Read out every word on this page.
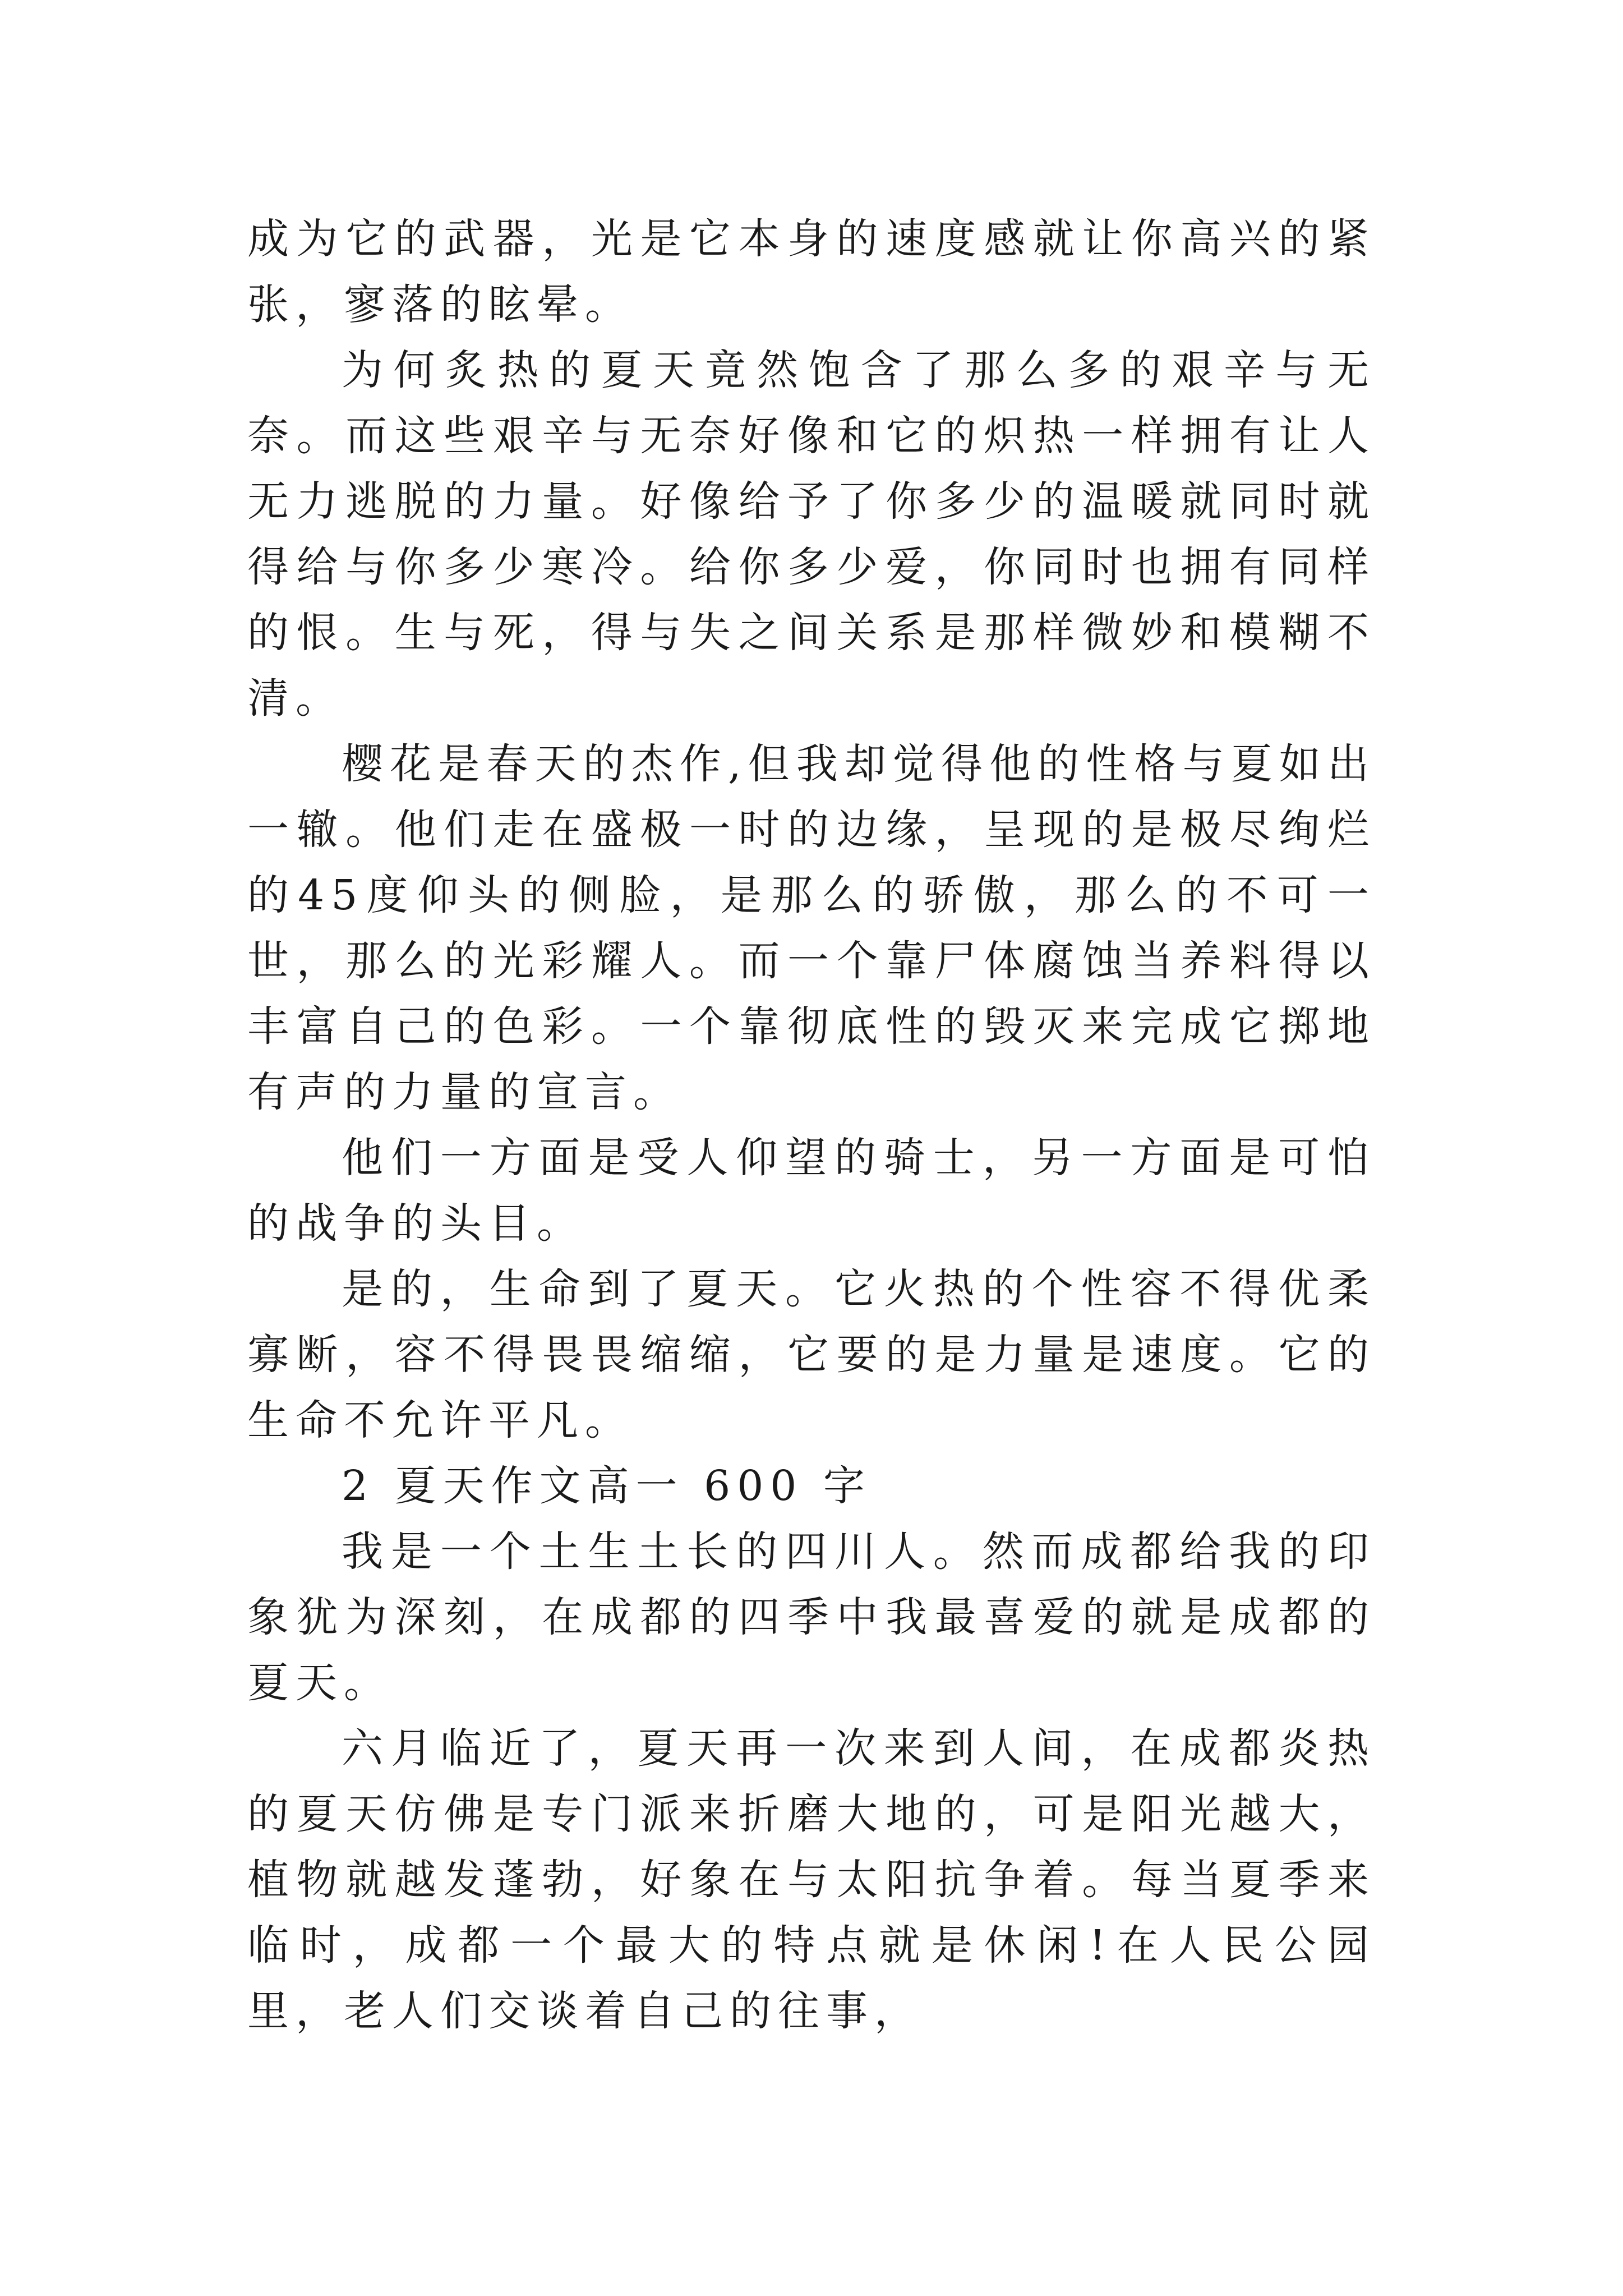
成为它的武器，光是它本身的速度感就让你高兴的紧张，寥落的眩晕。

为何炙热的夏天竟然饱含了那么多的艰辛与无奈。而这些艰辛与无奈好像和它的炽热一样拥有让人无力逃脱的力量。好像给予了你多少的温暖就同时就得给与你多少寒冷。给你多少爱，你同时也拥有同样的恨。生与死，得与失之间关系是那样微妙和模糊不清。

樱花是春天的杰作,但我却觉得他的性格与夏如出一辙。他们走在盛极一时的边缘，呈现的是极尽绚烂的45度仰头的侧脸，是那么的骄傲，那么的不可一世，那么的光彩耀人。而一个靠尸体腐蚀当养料得以丰富自己的色彩。一个靠彻底性的毁灭来完成它掷地有声的力量的宣言。

他们一方面是受人仰望的骑士，另一方面是可怕的战争的头目。

是的，生命到了夏天。它火热的个性容不得优柔寡断，容不得畏畏缩缩，它要的是力量是速度。它的生命不允许平凡。

2 夏天作文高一 600 字

我是一个土生土长的四川人。然而成都给我的印象犹为深刻，在成都的四季中我最喜爱的就是成都的夏天。

六月临近了，夏天再一次来到人间，在成都炎热的夏天仿佛是专门派来折磨大地的，可是阳光越大，植物就越发蓬勃，好象在与太阳抗争着。每当夏季来临时，成都一个最大的特点就是休闲!在人民公园里，老人们交谈着自己的往事，
